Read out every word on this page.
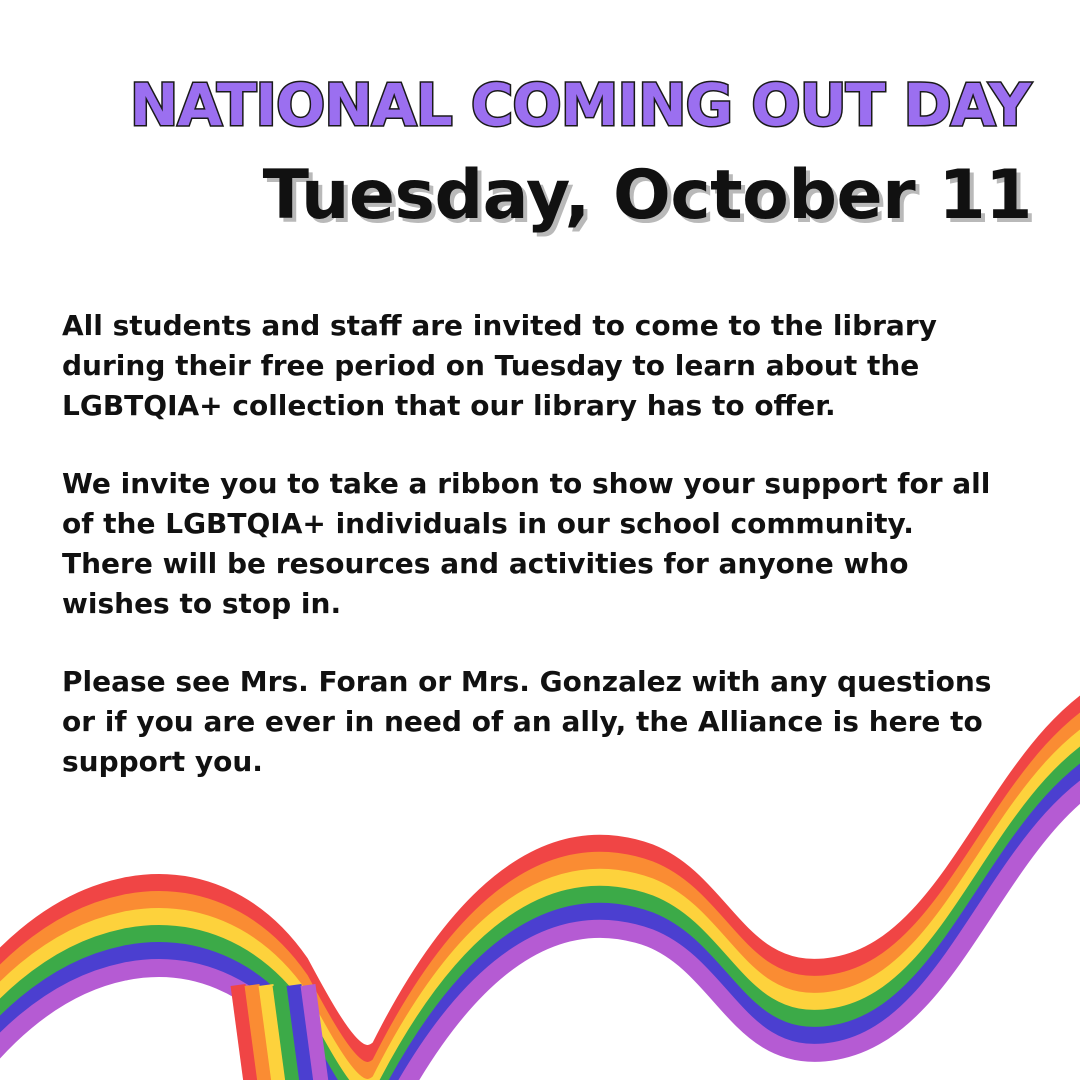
NATIONAL COMING OUT DAY
Tuesday, October 11

All students and staff are invited to come to the library
during their free period on Tuesday to learn about the
LGBTQIA+ collection that our library has to offer.

We invite you to take a ribbon to show your support for all
of the LGBTQIA+ individuals in our school community.
There will be resources and activities for anyone who
wishes to stop in.

Please see Mrs. Foran or Mrs. Gonzalez with any questions
or if you are ever in need of an ally, the Alliance is here to
support you.
